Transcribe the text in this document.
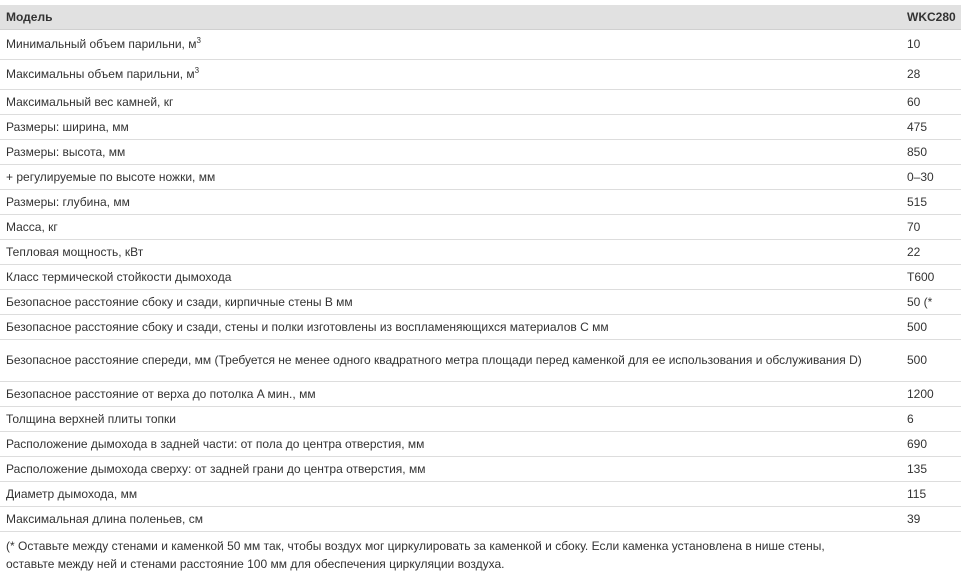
Модель	WKC280
Минимальный объем парильни, $м^3$	10
Максимальны объем парильни, $м^3$	28
Максимальный вес камней, кг	60
Размеры: ширина, мм	475
Размеры: высота, мм	850
+ регулируемые по высоте ножки, мм	0–30
Размеры: глубина, мм	515
Масса, кг	70
Тепловая мощность, кВт	22
Класс термической стойкости дымохода	T600
Безопасное расстояние сбоку и сзади, кирпичные стены B мм	50 (*
Безопасное расстояние сбоку и сзади, стены и полки изготовлены из воспламеняющихся материалов C мм	500
Безопасное расстояние спереди, мм (Требуется не менее одного квадратного метра площади перед каменкой для ее использования и обслуживания D)	500
Безопасное расстояние от верха до потолка A мин., мм	1200
Толщина верхней плиты топки	6
Расположение дымохода в задней части: от пола до центра отверстия, мм	690
Расположение дымохода сверху: от задней грани до центра отверстия, мм	135
Диаметр дымохода, мм	115
Максимальная длина поленьев, см	39
(* Оставьте между стенами и каменкой 50 мм так, чтобы воздух мог циркулировать за каменкой и сбоку. Если каменка установлена в нише стены,
оставьте между ней и стенами расстояние 100 мм для обеспечения циркуляции воздуха.
